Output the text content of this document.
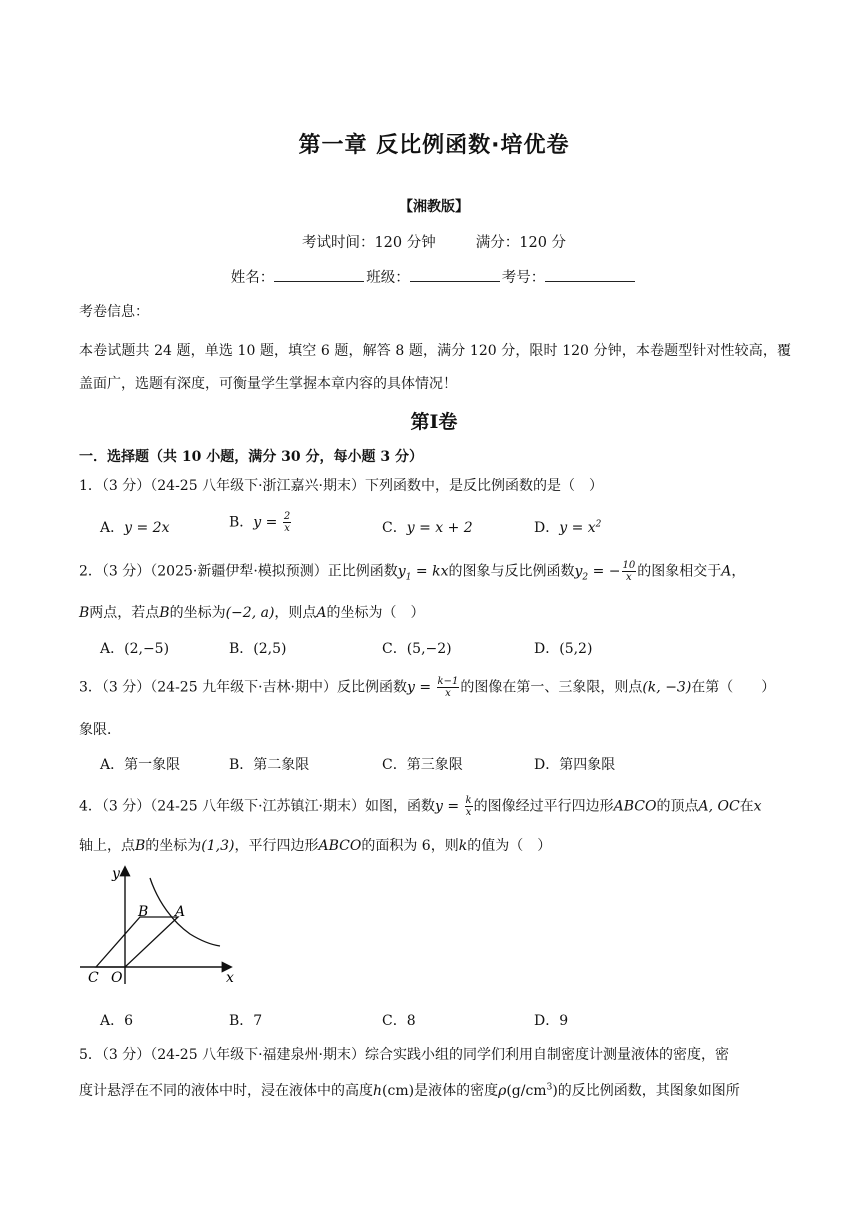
第一章 反比例函数·培优卷
【湘教版】
考试时间：120 分钟	满分：120 分
姓名：	班级：	考号：
考卷信息：
本卷试题共 24 题，单选 10 题，填空 6 题，解答 8 题，满分 120 分，限时 120 分钟，本卷题型针对性较高，覆盖面广，选题有深度，可衡量学生掌握本章内容的具体情况！
第Ⅰ卷
一．选择题（共 10 小题，满分 30 分，每小题 3 分）
1．（3 分）（24-25 八年级下·浙江嘉兴·期末）下列函数中，是反比例函数的是（　）
A．y = 2x	B．$y = \frac{2}{x}$	C．y = x + 2	D．$y = x^2$
2．（3 分）（2025·新疆伊犁·模拟预测）正比例函数$y_1$ = kx的图象与反比例函数$y_2$ = − $\frac{10}{x}$ 的图象相交于A，
B两点，若点B的坐标为(−2, a)，则点A的坐标为（　）
A．(2,−5)	B．(2,5)	C．(5,−2)	D．(5,2)
3．（3 分）（24-25 九年级下·吉林·期中）反比例函数$y = \frac{k-1}{x}$ 的图像在第一、三象限，则点(k, −3)在第（　　）
象限．
A．第一象限	B．第二象限	C．第三象限	D．第四象限
4．（3 分）（24-25 八年级下·江苏镇江·期末）如图，函数$y = \frac{k}{x}$ 的图像经过平行四边形ABCO的顶点A, OC在x
轴上，点B的坐标为(1,3)，平行四边形ABCO的面积为 6，则k的值为（　）
y
x
B A
C O
A．6	B．7	C．8	D．9
5．（3 分）（24-25 八年级下·福建泉州·期末）综合实践小组的同学们利用自制密度计测量液体的密度，密
度计悬浮在不同的液体中时，浸在液体中的高度h(cm)是液体的密度$\rho(g/cm^3)$的反比例函数，其图象如图所
